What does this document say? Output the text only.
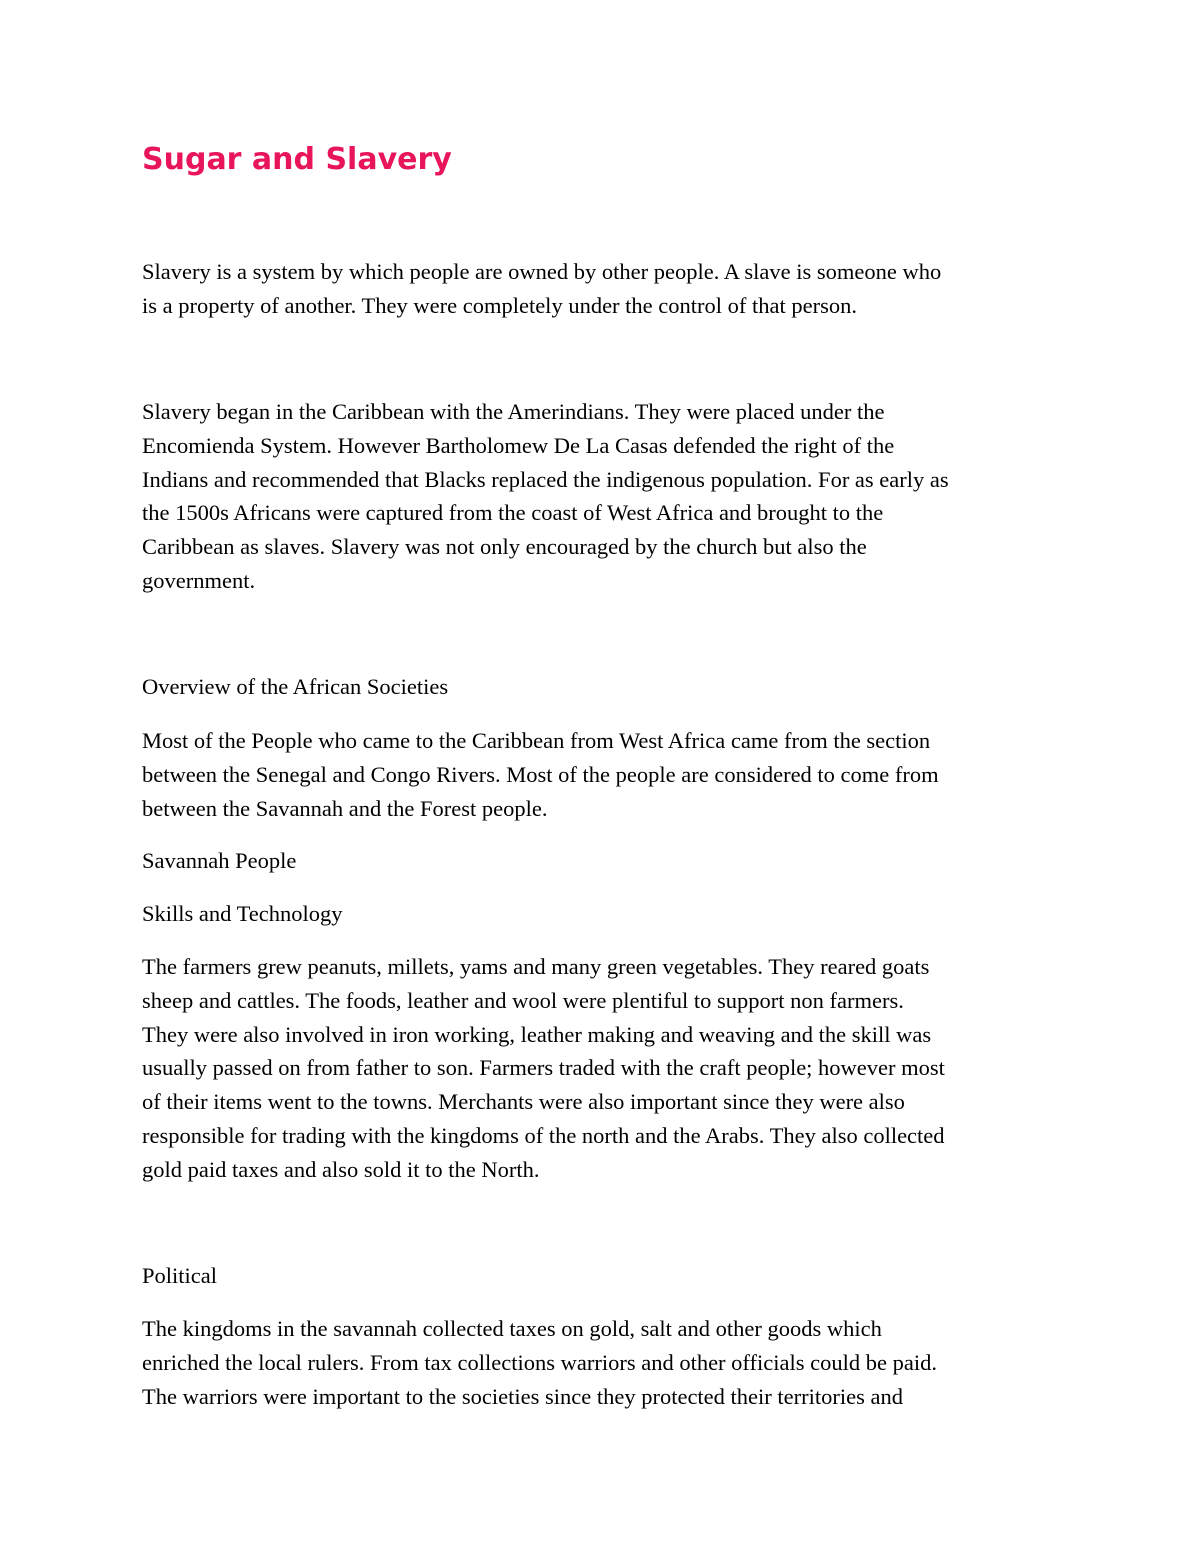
Sugar and Slavery

Slavery is a system by which people are owned by other people. A slave is someone who
is a property of another. They were completely under the control of that person.

Slavery began in the Caribbean with the Amerindians. They were placed under the
Encomienda System. However Bartholomew De La Casas defended the right of the
Indians and recommended that Blacks replaced the indigenous population. For as early as
the 1500s Africans were captured from the coast of West Africa and brought to the
Caribbean as slaves. Slavery was not only encouraged by the church but also the
government.

Overview of the African Societies

Most of the People who came to the Caribbean from West Africa came from the section
between the Senegal and Congo Rivers. Most of the people are considered to come from
between the Savannah and the Forest people.

Savannah People

Skills and Technology

The farmers grew peanuts, millets, yams and many green vegetables. They reared goats
sheep and cattles. The foods, leather and wool were plentiful to support non farmers.
They were also involved in iron working, leather making and weaving and the skill was
usually passed on from father to son. Farmers traded with the craft people; however most
of their items went to the towns. Merchants were also important since they were also
responsible for trading with the kingdoms of the north and the Arabs. They also collected
gold paid taxes and also sold it to the North.

Political

The kingdoms in the savannah collected taxes on gold, salt and other goods which
enriched the local rulers. From tax collections warriors and other officials could be paid.
The warriors were important to the societies since they protected their territories and
